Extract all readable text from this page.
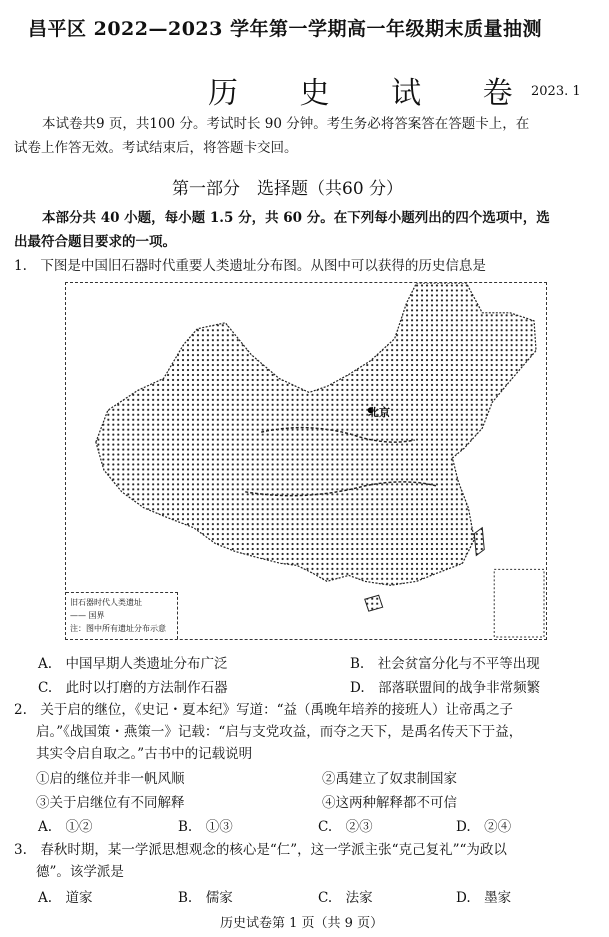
昌平区 2022—2023 学年第一学期高一年级期末质量抽测
历 史 试 卷
2023. 1
本试卷共9 页，共100 分。考试时长 90 分钟。考生务必将答案答在答题卡上，在
试卷上作答无效。考试结束后，将答题卡交回。
第一部分　选择题（共60 分）
本部分共 40 小题，每小题 1.5 分，共 60 分。在下列每小题列出的四个选项中，选
出最符合题目要求的一项。
1.　下图是中国旧石器时代重要人类遗址分布图。从图中可以获得的历史信息是
北京
旧石器时代人类遗址
—— 国界
注：图中所有遗址分布示意
A.　中国早期人类遗址分布广泛	B.　社会贫富分化与不平等出现
C.　此时以打磨的方法制作石器	D.　部落联盟间的战争非常频繁
2.　关于启的继位，《史记・夏本纪》写道：“益（禹晚年培养的接班人）让帝禹之子
启。”《战国策・燕策一》记载：“启与支党攻益，而夺之天下，是禹名传天下于益，
其实令启自取之。”古书中的记载说明
①启的继位并非一帆风顺	②禹建立了奴隶制国家
③关于启继位有不同解释	④这两种解释都不可信
A.　①②	B.　①③	C.　②③	D.　②④
3.　春秋时期，某一学派思想观念的核心是“仁”，这一学派主张“克己复礼”“为政以
德”。该学派是
A.　道家	B.　儒家	C.　法家	D.　墨家
历史试卷第 1 页（共 9 页）
